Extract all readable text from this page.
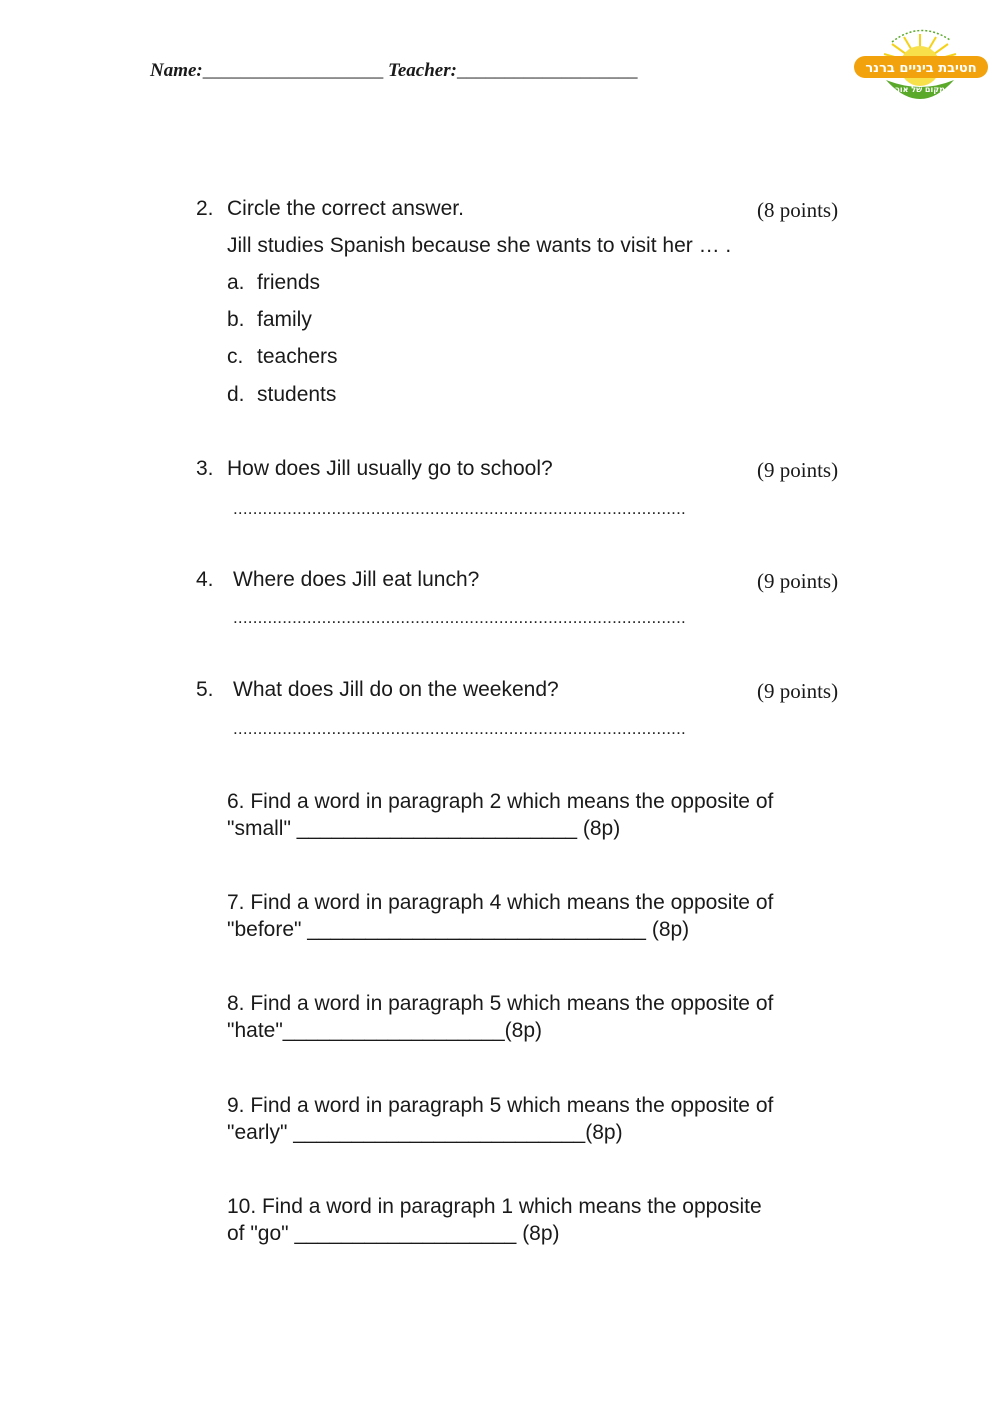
Name:___________________ Teacher:___________________	חטיבת ביניים ברנר
מקום של אור
2. Circle the correct answer.	(8 points)
Jill studies Spanish because she wants to visit her … .
a. friends
b. family
c. teachers
d. students
3. How does Jill usually go to school?	(9 points)
............................................................................................
4. Where does Jill eat lunch?	(9 points)
............................................................................................
5. What does Jill do on the weekend?	(9 points)
............................................................................................
6. Find a word in paragraph 2 which means the opposite of
"small" ________________________ (8p)
7. Find a word in paragraph 4 which means the opposite of
"before" _____________________________ (8p)
8. Find a word in paragraph 5 which means the opposite of
"hate"___________________(8p)
9. Find a word in paragraph 5 which means the opposite of
"early" _________________________(8p)
10. Find a word in paragraph 1 which means the opposite
of "go" ___________________ (8p)
